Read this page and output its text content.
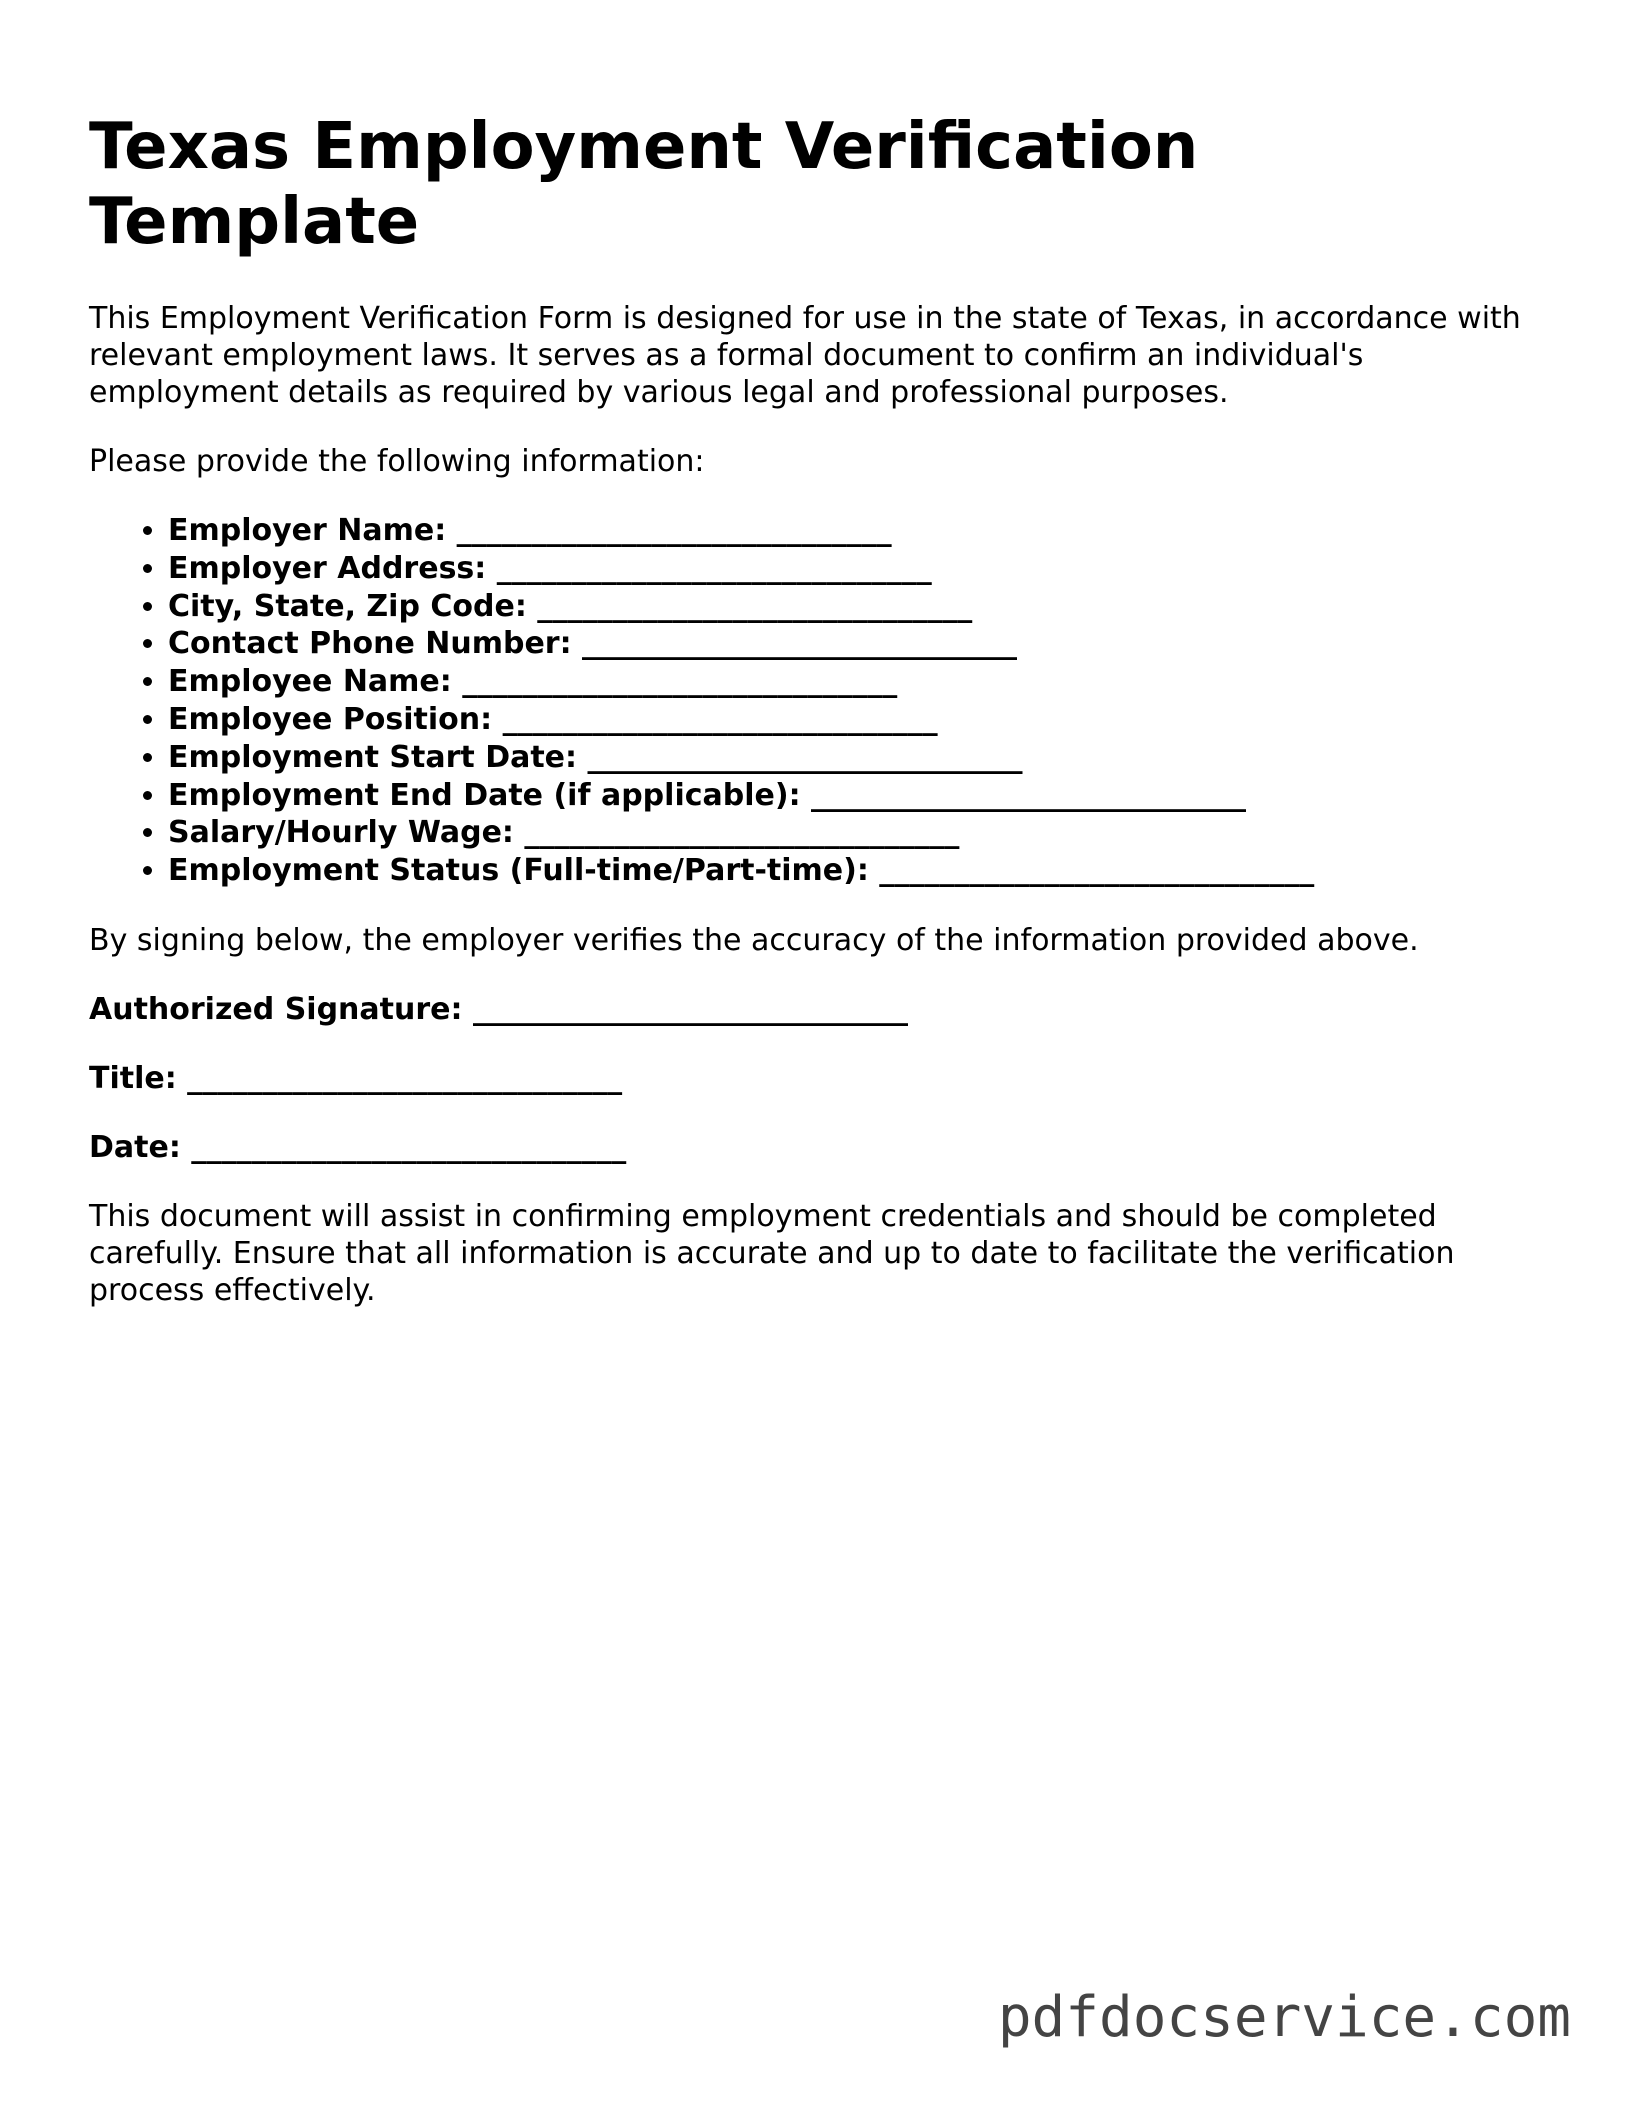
Texas Employment Verification Template

This Employment Verification Form is designed for use in the state of Texas, in accordance with relevant employment laws. It serves as a formal document to confirm an individual's employment details as required by various legal and professional purposes.

Please provide the following information:

• Employer Name: _____________________________
• Employer Address: _____________________________
• City, State, Zip Code: _____________________________
• Contact Phone Number: _____________________________
• Employee Name: _____________________________
• Employee Position: _____________________________
• Employment Start Date: _____________________________
• Employment End Date (if applicable): _____________________________
• Salary/Hourly Wage: _____________________________
• Employment Status (Full-time/Part-time): _____________________________

By signing below, the employer verifies the accuracy of the information provided above.

Authorized Signature: _____________________________
Title: _____________________________
Date: _____________________________

This document will assist in confirming employment credentials and should be completed carefully. Ensure that all information is accurate and up to date to facilitate the verification process effectively.

pdfdocservice.com
